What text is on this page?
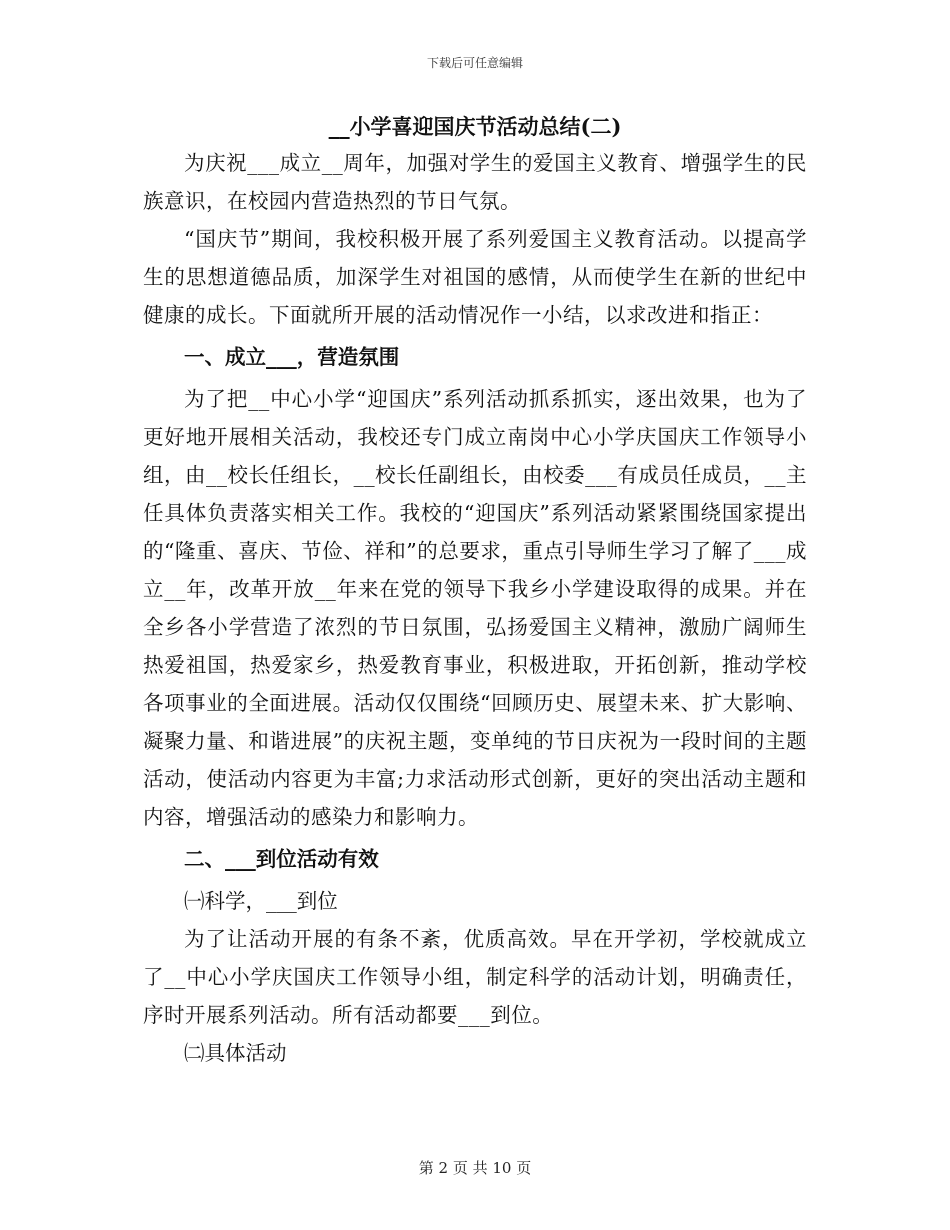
下载后可任意编辑
__小学喜迎国庆节活动总结(二)

为庆祝___成立__周年，加强对学生的爱国主义教育、增强学生的民族意识，在校园内营造热烈的节日气氛。

“国庆节”期间，我校积极开展了系列爱国主义教育活动。以提高学生的思想道德品质，加深学生对祖国的感情，从而使学生在新的世纪中健康的成长。下面就所开展的活动情况作一小结，以求改进和指正：

一、成立___，营造氛围

为了把__中心小学“迎国庆”系列活动抓系抓实，逐出效果，也为了更好地开展相关活动，我校还专门成立南岗中心小学庆国庆工作领导小组，由__校长任组长，__校长任副组长，由校委___有成员任成员，__主任具体负责落实相关工作。我校的“迎国庆”系列活动紧紧围绕国家提出的“隆重、喜庆、节俭、祥和”的总要求，重点引导师生学习了解了___成立__年，改革开放__年来在党的领导下我乡小学建设取得的成果。并在全乡各小学营造了浓烈的节日氛围，弘扬爱国主义精神，激励广阔师生热爱祖国，热爱家乡，热爱教育事业，积极进取，开拓创新，推动学校各项事业的全面进展。活动仅仅围绕“回顾历史、展望未来、扩大影响、凝聚力量、和谐进展”的庆祝主题，变单纯的节日庆祝为一段时间的主题活动，使活动内容更为丰富;力求活动形式创新，更好的突出活动主题和内容，增强活动的感染力和影响力。

二、___到位活动有效

㈠科学，___到位

为了让活动开展的有条不紊，优质高效。早在开学初，学校就成立了__中心小学庆国庆工作领导小组，制定科学的活动计划，明确责任，序时开展系列活动。所有活动都要___到位。

㈡具体活动

第 2 页 共 10 页
